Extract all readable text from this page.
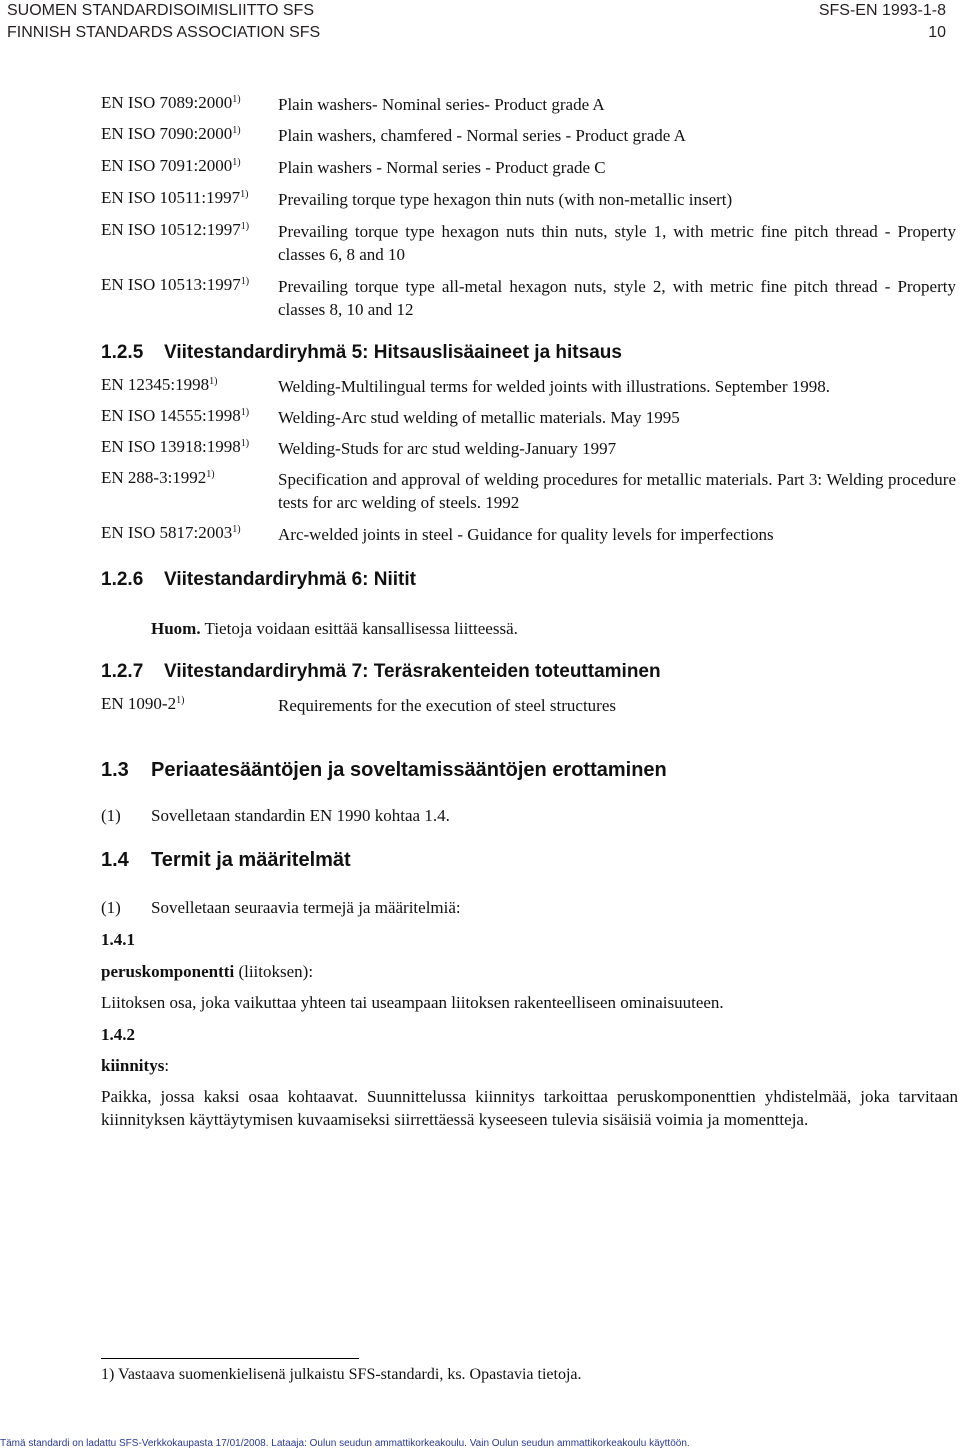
SUOMEN STANDARDISOIMISLIITTO SFS	SFS-EN 1993-1-8
FINNISH STANDARDS ASSOCIATION SFS	10
EN ISO 7089:2000$^{1)}$ Plain washers- Nominal series- Product grade A
EN ISO 7090:2000$^{1)}$ Plain washers, chamfered - Normal series - Product grade A
EN ISO 7091:2000$^{1)}$ Plain washers - Normal series - Product grade C
EN ISO 10511:1997$^{1)}$ Prevailing torque type hexagon thin nuts (with non-metallic insert)
EN ISO 10512:1997$^{1)}$ Prevailing torque type hexagon nuts thin nuts, style 1, with metric fine pitch thread - Property classes 6, 8 and 10
EN ISO 10513:1997$^{1)}$ Prevailing torque type all-metal hexagon nuts, style 2, with metric fine pitch thread - Property classes 8, 10 and 12
1.2.5 Viitestandardiryhmä 5: Hitsauslisäaineet ja hitsaus
EN 12345:1998$^{1)}$	Welding-Multilingual terms for welded joints with illustrations. September 1998.
EN ISO 14555:1998$^{1)}$ Welding-Arc stud welding of metallic materials. May 1995
EN ISO 13918:1998$^{1)}$ Welding-Studs for arc stud welding-January 1997
EN 288-3:1992$^{1)}$	Specification and approval of welding procedures for metallic materials. Part 3: Welding procedure tests for arc welding of steels. 1992
EN ISO 5817:2003$^{1)}$ Arc-welded joints in steel - Guidance for quality levels for imperfections
1.2.6 Viitestandardiryhmä 6: Niitit
Huom. Tietoja voidaan esittää kansallisessa liitteessä.
1.2.7 Viitestandardiryhmä 7: Teräsrakenteiden toteuttaminen
EN 1090-2$^{1)}$	Requirements for the execution of steel structures
1.3 Periaatesääntöjen ja soveltamissääntöjen erottaminen
(1) Sovelletaan standardin EN 1990 kohtaa 1.4.
1.4 Termit ja määritelmät
(1) Sovelletaan seuraavia termejä ja määritelmiä:
1.4.1
peruskomponentti (liitoksen):
Liitoksen osa, joka vaikuttaa yhteen tai useampaan liitoksen rakenteelliseen ominaisuuteen.
1.4.2
kiinnitys:
Paikka, jossa kaksi osaa kohtaavat. Suunnittelussa kiinnitys tarkoittaa peruskomponenttien yhdistelmää, joka tarvitaan kiinnityksen käyttäytymisen kuvaamiseksi siirrettäessä kyseeseen tulevia sisäisiä voimia ja momentteja.
1) Vastaava suomenkielisenä julkaistu SFS-standardi, ks. Opastavia tietoja.
Tämä standardi on ladattu SFS-Verkkokaupasta 17/01/2008. Lataaja: Oulun seudun ammattikorkeakoulu. Vain Oulun seudun ammattikorkeakoulu käyttöön.
